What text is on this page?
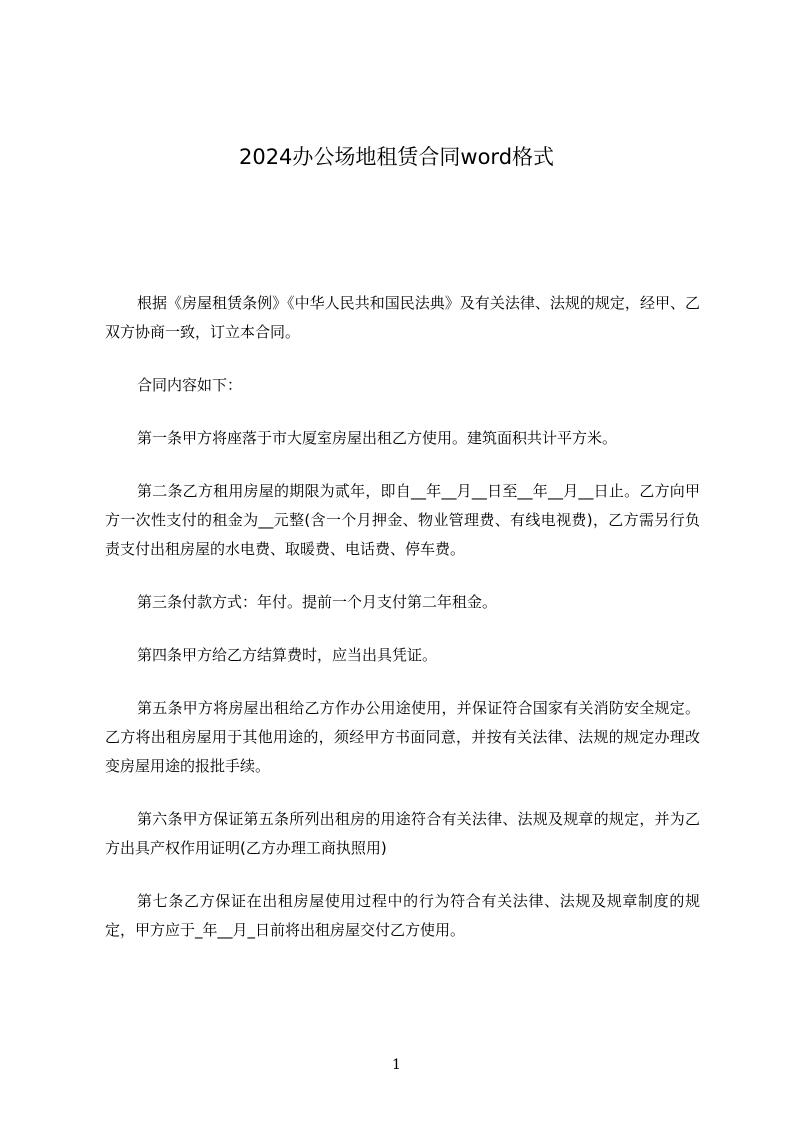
2024办公场地租赁合同word格式

根据《房屋租赁条例》《中华人民共和国民法典》及有关法律、法规的规定，经甲、乙双方协商一致，订立本合同。

合同内容如下：

第一条甲方将座落于市大厦室房屋出租乙方使用。建筑面积共计平方米。

第二条乙方租用房屋的期限为贰年，即自__年__月__日至__年__月__日止。乙方向甲方一次性支付的租金为__元整(含一个月押金、物业管理费、有线电视费)，乙方需另行负责支付出租房屋的水电费、取暖费、电话费、停车费。

第三条付款方式：年付。提前一个月支付第二年租金。

第四条甲方给乙方结算费时，应当出具凭证。

第五条甲方将房屋出租给乙方作办公用途使用，并保证符合国家有关消防安全规定。乙方将出租房屋用于其他用途的，须经甲方书面同意，并按有关法律、法规的规定办理改变房屋用途的报批手续。

第六条甲方保证第五条所列出租房的用途符合有关法律、法规及规章的规定，并为乙方出具产权作用证明(乙方办理工商执照用)

第七条乙方保证在出租房屋使用过程中的行为符合有关法律、法规及规章制度的规定，甲方应于_年__月_日前将出租房屋交付乙方使用。

1
